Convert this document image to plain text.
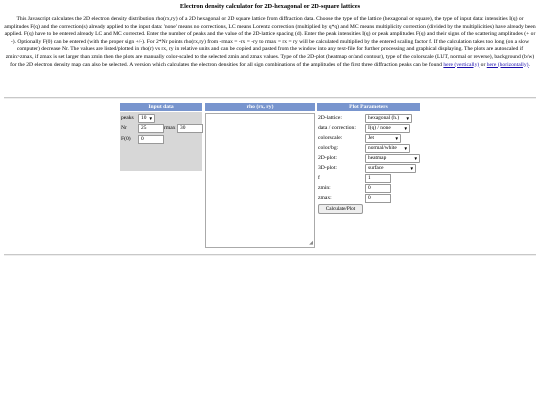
Electron density calculator for 2D-hexagonal or 2D-square lattices
This Javascript calculates the 2D electron density distribution rho(rx,ry) of a 2D hexagonal or 2D square lattice from diffraction data. Choose the type of the lattice (hexagonal or square), the type of input data: intensities I(q) or amplitudes F(q) and the correction(s) already applied to the input data: 'none' means no corrections, LC means Lorentz correction (multiplied by q*q) and MC means multiplicity correction (divided by the multiplicities) have already been applied. F(q) have to be entered already LC and MC corrected. Enter the number of peaks and the value of the 2D-lattice spacing (d). Enter the peak intensities I(q) or peak amplitudes F(q) and their signs of the scattering amplitudes (+ or -). Optionally F(0) can be entered (with the proper sign +/-). For 2*Nr points rho(rx,ry) from -rmax = -rx = -ry to rmax = rx = ry will be calculated multiplied by the entered scaling factor f. If the calculation takes too long (on a slow computer) decrease Nr. The values are listed/plotted in rho(r) vs rx, ry in relative units and can be copied and pasted from the window into any text-file for further processing and graphical displaying. The plots are autoscaled if zmin>zmax, if zmax is set larger than zmin then the plots are manually color-scaled to the selected zmin and zmax values. Type of the 2D-plot (heatmap or/and contour), type of the colorscale (LUT, normal or reverse), background (b/w) for the 2D electron density map can also be selected. A version which calculates the electron densities for all sign combinations of the amplitudes of the first three diffraction peaks can be found here (vertically) or here (horizontally).
Input data	rho (rx, ry)	Plot Parameters
peaks	10 ▼
Nr	25	rmax 30
F(0)	0
◢
2D-lattice:	hexagonal (h.) ▼
data / correction:	I(q) / none	▼
colorscale:	Jet	▼
color/bg:	normal/white ▼
2D-plot:	heatmap	▼
3D-plot:	surface	▼
f	1
zmin:	0
zmax:	0
Calculate/Plot
